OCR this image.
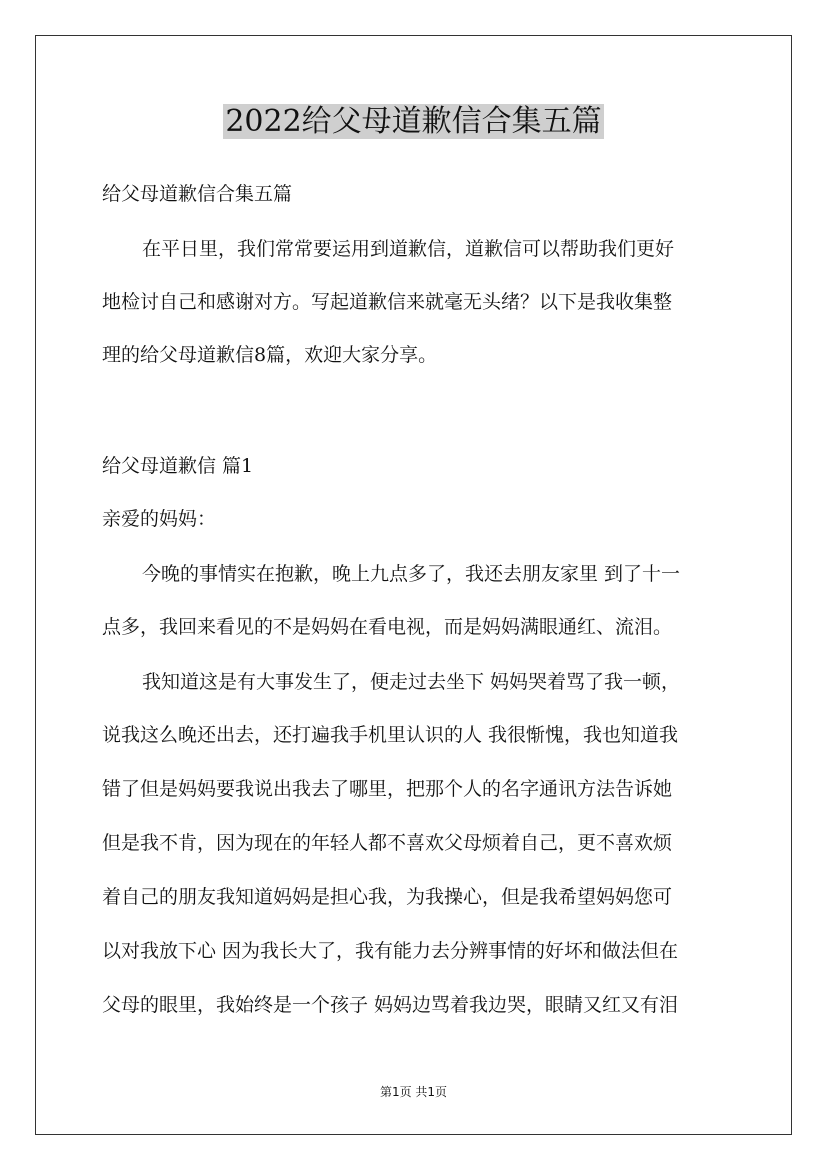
2022给父母道歉信合集五篇

给父母道歉信合集五篇

在平日里，我们常常要运用到道歉信，道歉信可以帮助我们更好

地检讨自己和感谢对方。写起道歉信来就毫无头绪？以下是我收集整

理的给父母道歉信8篇，欢迎大家分享。

给父母道歉信 篇1

亲爱的妈妈：

今晚的事情实在抱歉，晚上九点多了，我还去朋友家里 到了十一

点多，我回来看见的不是妈妈在看电视，而是妈妈满眼通红、流泪。

我知道这是有大事发生了，便走过去坐下 妈妈哭着骂了我一顿，

说我这么晚还出去，还打遍我手机里认识的人 我很惭愧，我也知道我

错了但是妈妈要我说出我去了哪里，把那个人的名字通讯方法告诉她

但是我不肯，因为现在的年轻人都不喜欢父母烦着自己，更不喜欢烦

着自己的朋友我知道妈妈是担心我，为我操心，但是我希望妈妈您可

以对我放下心 因为我长大了，我有能力去分辨事情的好坏和做法但在

父母的眼里，我始终是一个孩子 妈妈边骂着我边哭，眼睛又红又有泪

第1页 共1页
